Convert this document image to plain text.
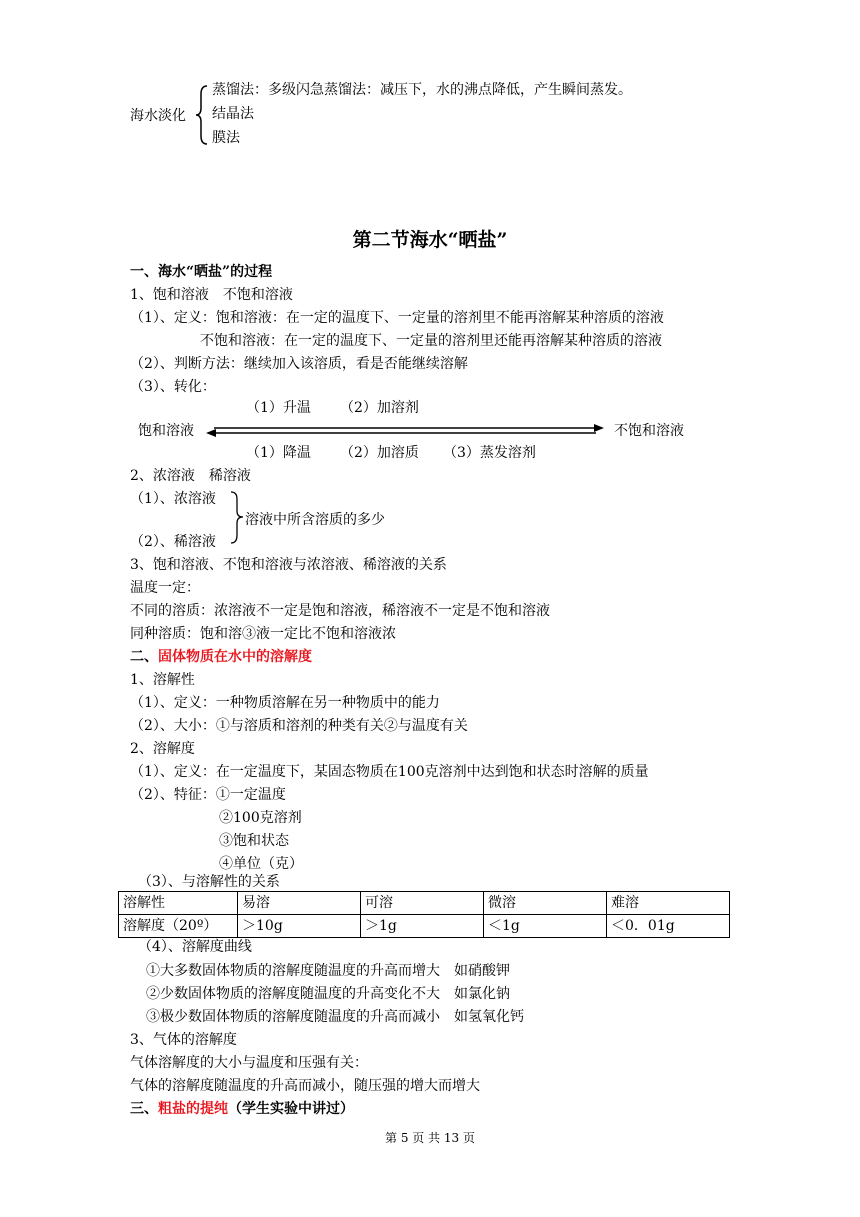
海水淡化
蒸馏法：多级闪急蒸馏法：减压下，水的沸点降低，产生瞬间蒸发。
结晶法
膜法
第二节海水“晒盐”
一、海水“晒盐”的过程
1、饱和溶液　不饱和溶液
（1）、定义：饱和溶液：在一定的温度下、一定量的溶剂里不能再溶解某种溶质的溶液
不饱和溶液：在一定的温度下、一定量的溶剂里还能再溶解某种溶质的溶液
（2）、判断方法：继续加入该溶质，看是否能继续溶解
（3）、转化：
（1）升温 （2）加溶剂
饱和溶液	不饱和溶液
（1）降温 （2）加溶质 （3）蒸发溶剂
2、浓溶液　稀溶液
（1）、浓溶液
溶液中所含溶质的多少
（2）、稀溶液
3、饱和溶液、不饱和溶液与浓溶液、稀溶液的关系
温度一定：
不同的溶质：浓溶液不一定是饱和溶液，稀溶液不一定是不饱和溶液
同种溶质：饱和溶③液一定比不饱和溶液浓
二、固体物质在水中的溶解度
1、溶解性
（1）、定义：一种物质溶解在另一种物质中的能力
（2）、大小：①与溶质和溶剂的种类有关②与温度有关
2、溶解度
（1）、定义：在一定温度下，某固态物质在100克溶剂中达到饱和状态时溶解的质量
（2）、特征：①一定温度
②100克溶剂
③饱和状态
④单位（克）
（3）、与溶解性的关系
溶解性	易溶	可溶	微溶	难溶
溶解度（20º）	＞10g	＞1g	＜1g	＜0．01g
（4）、溶解度曲线
①大多数固体物质的溶解度随温度的升高而增大　如硝酸钾
②少数固体物质的溶解度随温度的升高变化不大　如氯化钠
③极少数固体物质的溶解度随温度的升高而减小　如氢氧化钙
3、气体的溶解度
气体溶解度的大小与温度和压强有关：
气体的溶解度随温度的升高而减小，随压强的增大而增大
三、粗盐的提纯（学生实验中讲过）
第 5 页 共 13 页
